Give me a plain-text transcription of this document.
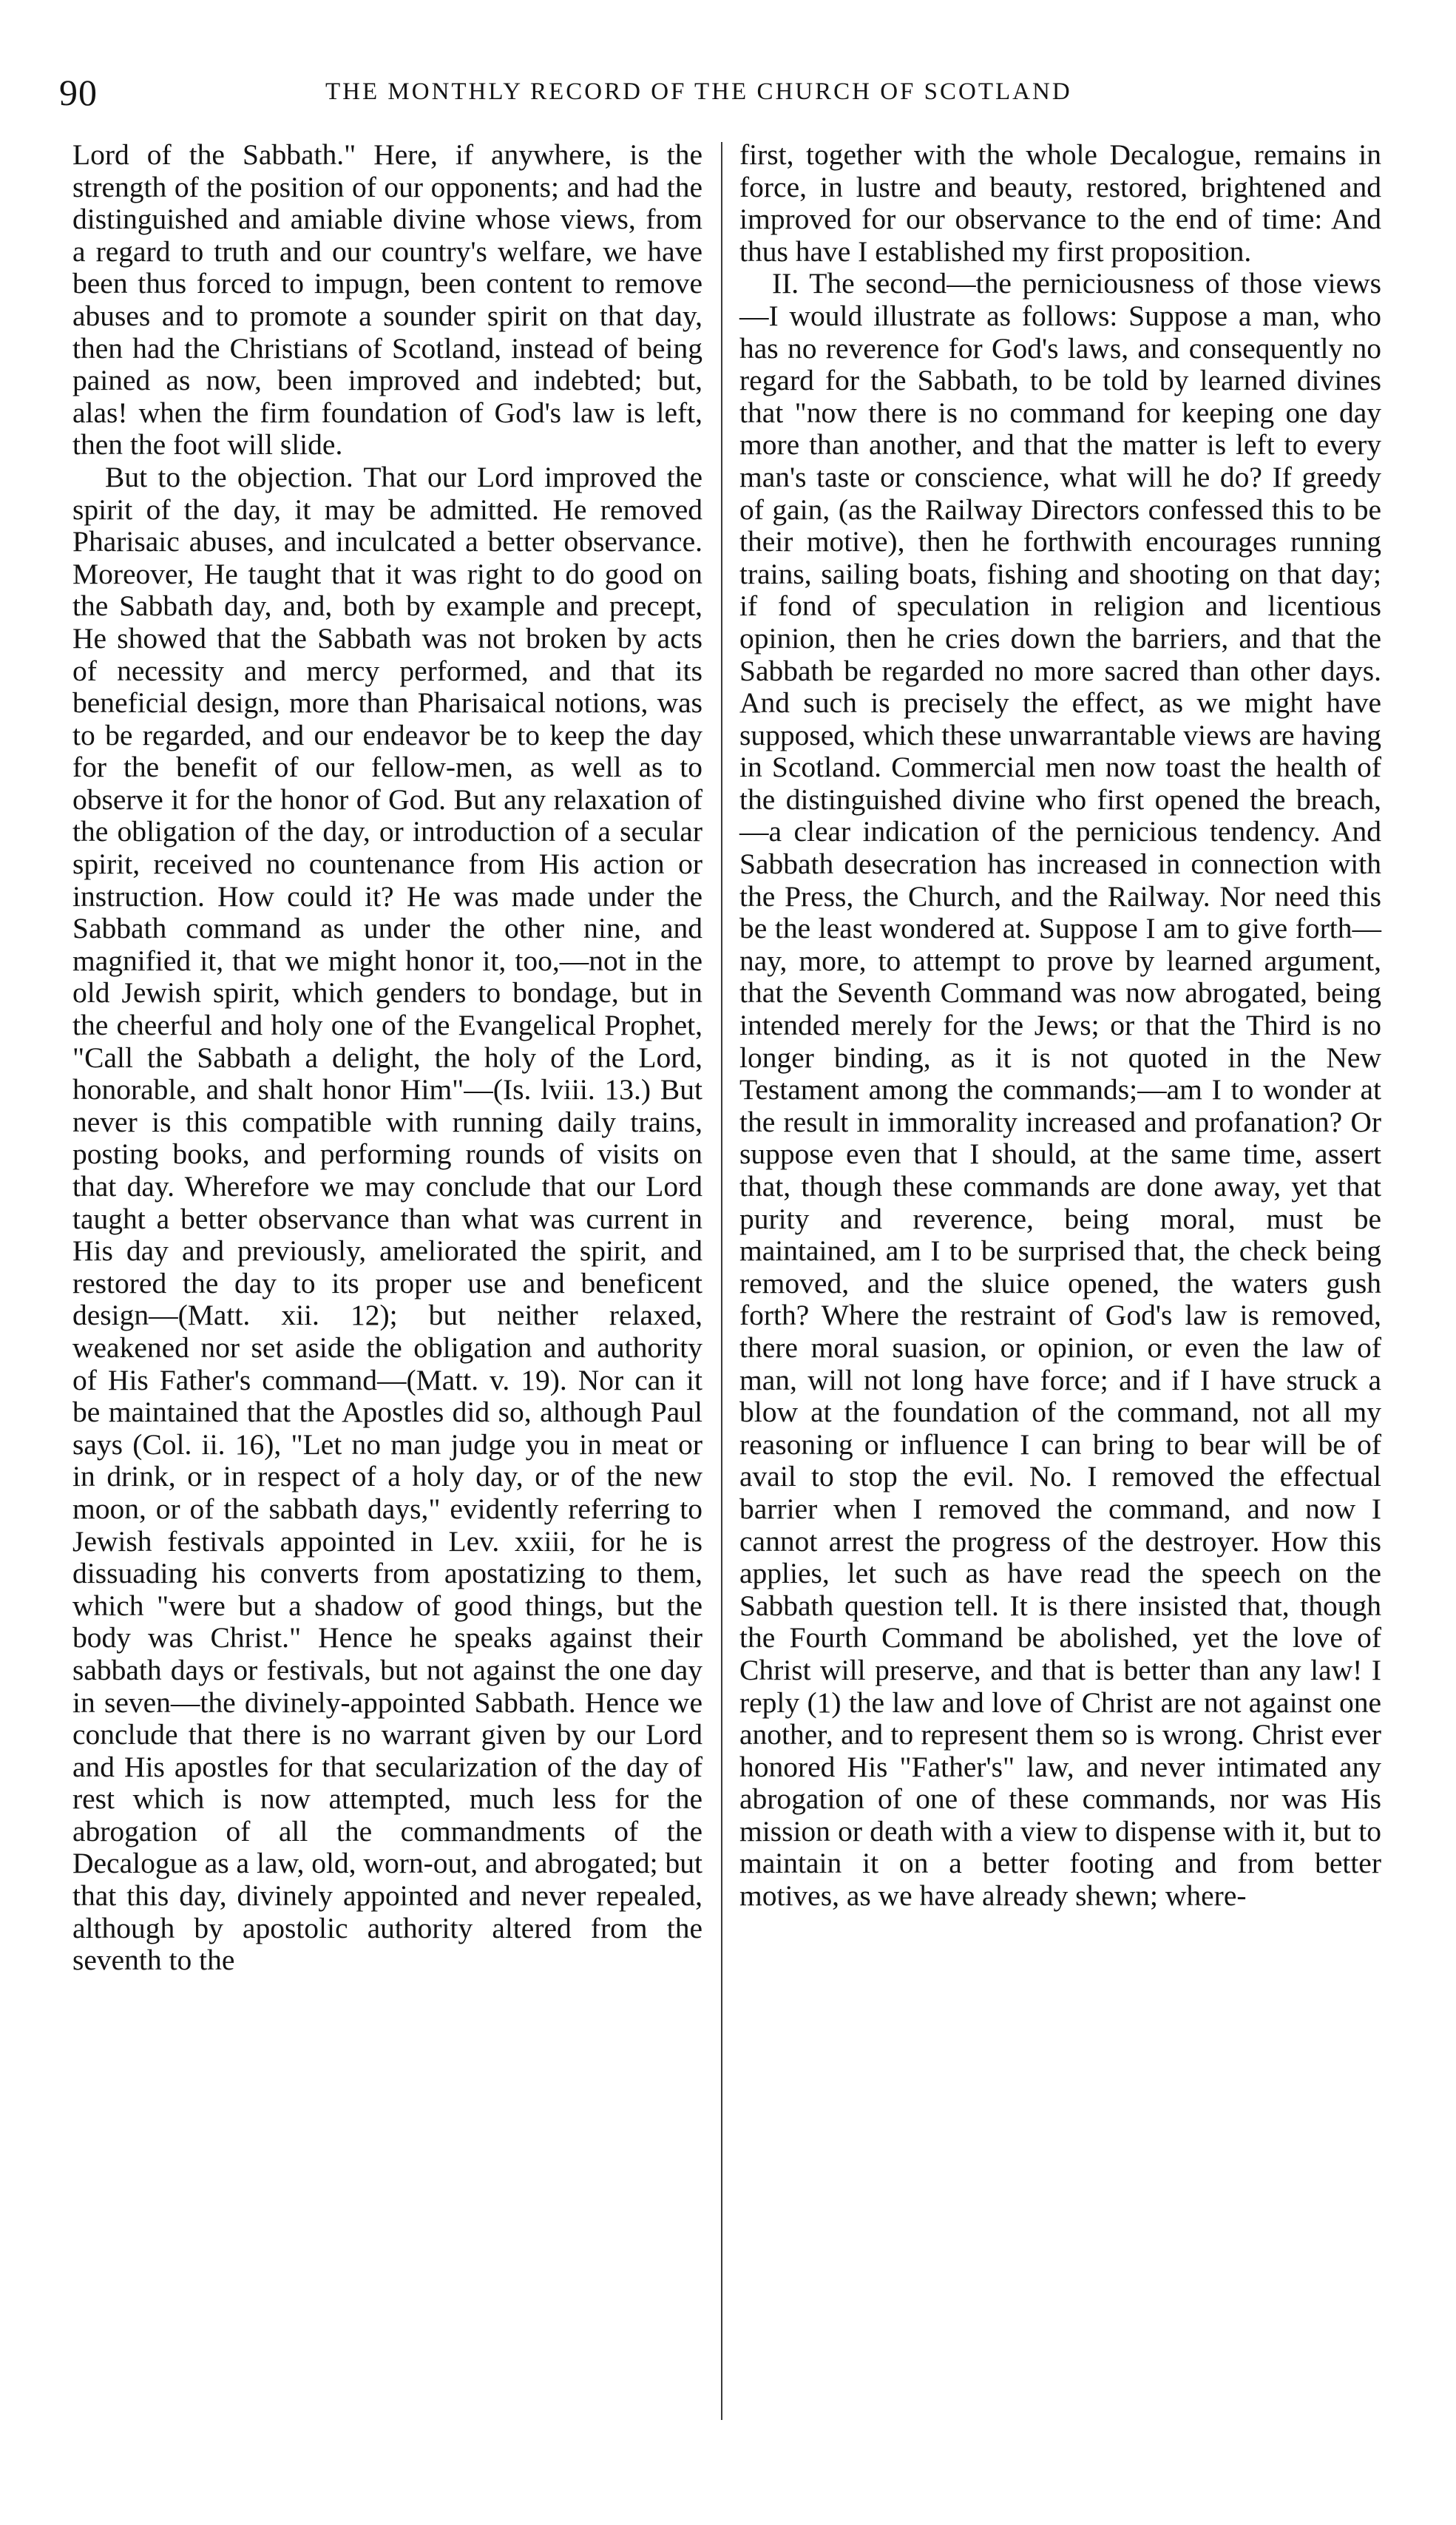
90	THE MONTHLY RECORD OF THE CHURCH OF SCOTLAND

Lord of the Sabbath." Here, if anywhere, is the strength of the position of our opponents; and had the distinguished and amiable divine whose views, from a regard to truth and our country's welfare, we have been thus forced to impugn, been content to remove abuses and to promote a sounder spirit on that day, then had the Christians of Scotland, instead of being pained as now, been improved and indebted; but, alas! when the firm foundation of God's law is left, then the foot will slide.

But to the objection. That our Lord improved the spirit of the day, it may be admitted. He removed Pharisaic abuses, and inculcated a better observance. Moreover, He taught that it was right to do good on the Sabbath day, and, both by example and precept, He showed that the Sabbath was not broken by acts of necessity and mercy performed, and that its beneficial design, more than Pharisaical notions, was to be regarded, and our endeavor be to keep the day for the benefit of our fellow-men, as well as to observe it for the honor of God. But any relaxation of the obligation of the day, or introduction of a secular spirit, received no countenance from His action or instruction. How could it? He was made under the Sabbath command as under the other nine, and magnified it, that we might honor it, too,—not in the old Jewish spirit, which genders to bondage, but in the cheerful and holy one of the Evangelical Prophet, "Call the Sabbath a delight, the holy of the Lord, honorable, and shalt honor Him"—(Is. lviii. 13.) But never is this compatible with running daily trains, posting books, and performing rounds of visits on that day. Wherefore we may conclude that our Lord taught a better observance than what was current in His day and previously, ameliorated the spirit, and restored the day to its proper use and beneficent design—(Matt. xii. 12); but neither relaxed, weakened nor set aside the obligation and authority of His Father's command—(Matt. v. 19). Nor can it be maintained that the Apostles did so, although Paul says (Col. ii. 16), "Let no man judge you in meat or in drink, or in respect of a holy day, or of the new moon, or of the sabbath days," evidently referring to Jewish festivals appointed in Lev. xxiii, for he is dissuading his converts from apostatizing to them, which "were but a shadow of good things, but the body was Christ." Hence he speaks against their sabbath days or festivals, but not against the one day in seven—the divinely-appointed Sabbath. Hence we conclude that there is no warrant given by our Lord and His apostles for that secularization of the day of rest which is now attempted, much less for the abrogation of all the commandments of the Decalogue as a law, old, worn-out, and abrogated; but that this day, divinely appointed and never repealed, although by apostolic authority altered from the seventh to the

first, together with the whole Decalogue, remains in force, in lustre and beauty, restored, brightened and improved for our observance to the end of time: And thus have I established my first proposition.

II. The second—the perniciousness of those views—I would illustrate as follows: Suppose a man, who has no reverence for God's laws, and consequently no regard for the Sabbath, to be told by learned divines that "now there is no command for keeping one day more than another, and that the matter is left to every man's taste or conscience, what will he do? If greedy of gain, (as the Railway Directors confessed this to be their motive), then he forthwith encourages running trains, sailing boats, fishing and shooting on that day; if fond of speculation in religion and licentious opinion, then he cries down the barriers, and that the Sabbath be regarded no more sacred than other days. And such is precisely the effect, as we might have supposed, which these unwarrantable views are having in Scotland. Commercial men now toast the health of the distinguished divine who first opened the breach,—a clear indication of the pernicious tendency. And Sabbath desecration has increased in connection with the Press, the Church, and the Railway. Nor need this be the least wondered at. Suppose I am to give forth—nay, more, to attempt to prove by learned argument, that the Seventh Command was now abrogated, being intended merely for the Jews; or that the Third is no longer binding, as it is not quoted in the New Testament among the commands;—am I to wonder at the result in immorality increased and profanation? Or suppose even that I should, at the same time, assert that, though these commands are done away, yet that purity and reverence, being moral, must be maintained, am I to be surprised that, the check being removed, and the sluice opened, the waters gush forth? Where the restraint of God's law is removed, there moral suasion, or opinion, or even the law of man, will not long have force; and if I have struck a blow at the foundation of the command, not all my reasoning or influence I can bring to bear will be of avail to stop the evil. No. I removed the effectual barrier when I removed the command, and now I cannot arrest the progress of the destroyer. How this applies, let such as have read the speech on the Sabbath question tell. It is there insisted that, though the Fourth Command be abolished, yet the love of Christ will preserve, and that is better than any law! I reply (1) the law and love of Christ are not against one another, and to represent them so is wrong. Christ ever honored His "Father's" law, and never intimated any abrogation of one of these commands, nor was His mission or death with a view to dispense with it, but to maintain it on a better footing and from better motives, as we have already shewn; where-
